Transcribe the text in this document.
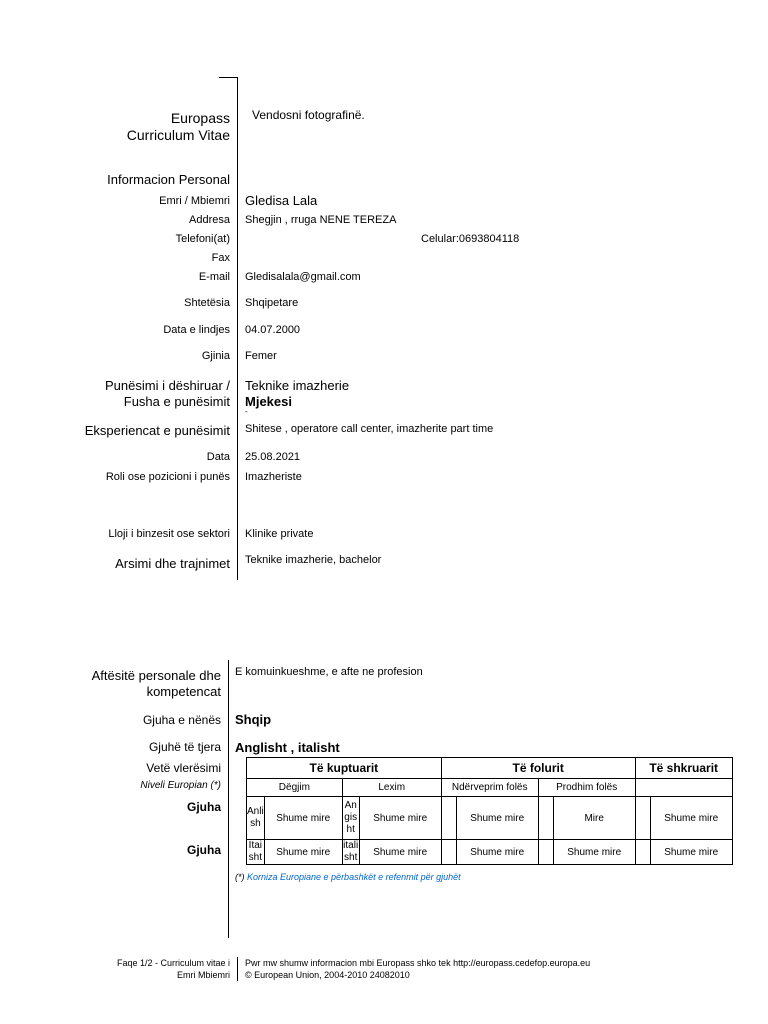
Europass
Curriculum Vitae
Vendosni fotografinë.
Informacion Personal
Emri / Mbiemri Gledisa Lala
Addresa Shegjin , rruga NENE TEREZA
Telefoni(at)	Celular:0693804118
Fax
E-mail Gledisalala@gmail.com
Shtetësia Shqipetare
Data e lindjes 04.07.2000
Gjinia Femer
Punësimi i dëshiruar /
Fusha e punësimit
Teknike imazherie
Mjekesi
-
Eksperiencat e punësimit Shitese , operatore call center, imazherite part time
Data 25.08.2021
Roli ose pozicioni i punës Imazheriste
Lloji i binzesit ose sektori Klinike private
Arsimi dhe trajnimet Teknike imazherie, bachelor
Aftësitë personale dhe
kompetencat
E komuinkueshme, e afte ne profesion
Gjuha e nënës Shqip
Gjuhë të tjera Anglisht , italisht
Vetë vlerësimi
Niveli Europian (*)
Gjuha
Gjuha
Të kuptuarit				Të folurit				Të shkruarit	
Dëgjim		Lexim		Ndërveprim folës		Prodhim folës			
Anli sh	Shume mire	An gis ht	Shume mire		Shume mire		Mire		Shume mire
Itai sht	Shume mire	itali sht	Shume mire		Shume mire		Shume mire		Shume mire
(*) Korniza Europiane e përbashkët e refenmit për gjuhët
Faqe 1/2 - Curriculum vitae i
Emri Mbiemri
Pwr mw shumw informacion mbi Europass shko tek http://europass.cedefop.europa.eu
© European Union, 2004-2010 24082010
